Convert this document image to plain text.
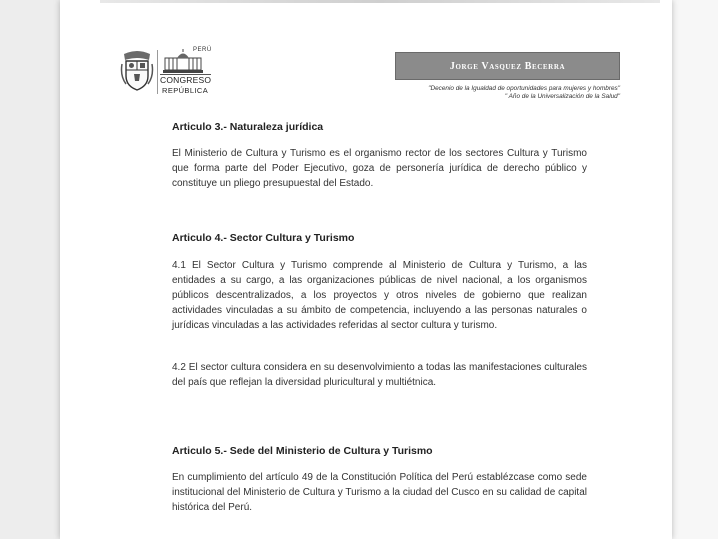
PERÚ
CONGRESO
REPÚBLICA
Jorge Vasquez Becerra
"Decenio de la Igualdad de oportunidades para mujeres y hombres"
" Año de la Universalización de la Salud"
Articulo 3.- Naturaleza jurídica

El Ministerio de Cultura y Turismo es el organismo rector de los sectores Cultura y Turismo que forma parte del Poder Ejecutivo, goza de personería jurídica de derecho público y constituye un pliego presupuestal del Estado.

Articulo 4.- Sector Cultura y Turismo

4.1 El Sector Cultura y Turismo comprende al Ministerio de Cultura y Turismo, a las entidades a su cargo, a las organizaciones públicas de nivel nacional, a los organismos públicos descentralizados, a los proyectos y otros niveles de gobierno que realizan actividades vinculadas a su ámbito de competencia, incluyendo a las personas naturales o jurídicas vinculadas a las actividades referidas al sector cultura y turismo.

4.2 El sector cultura considera en su desenvolvimiento a todas las manifestaciones culturales del país que reflejan la diversidad pluricultural y multiétnica.

Articulo 5.- Sede del Ministerio de Cultura y Turismo

En cumplimiento del artículo 49 de la Constitución Política del Perú establézcase como sede institucional del Ministerio de Cultura y Turismo a la ciudad del Cusco en su calidad de capital histórica del Perú.
